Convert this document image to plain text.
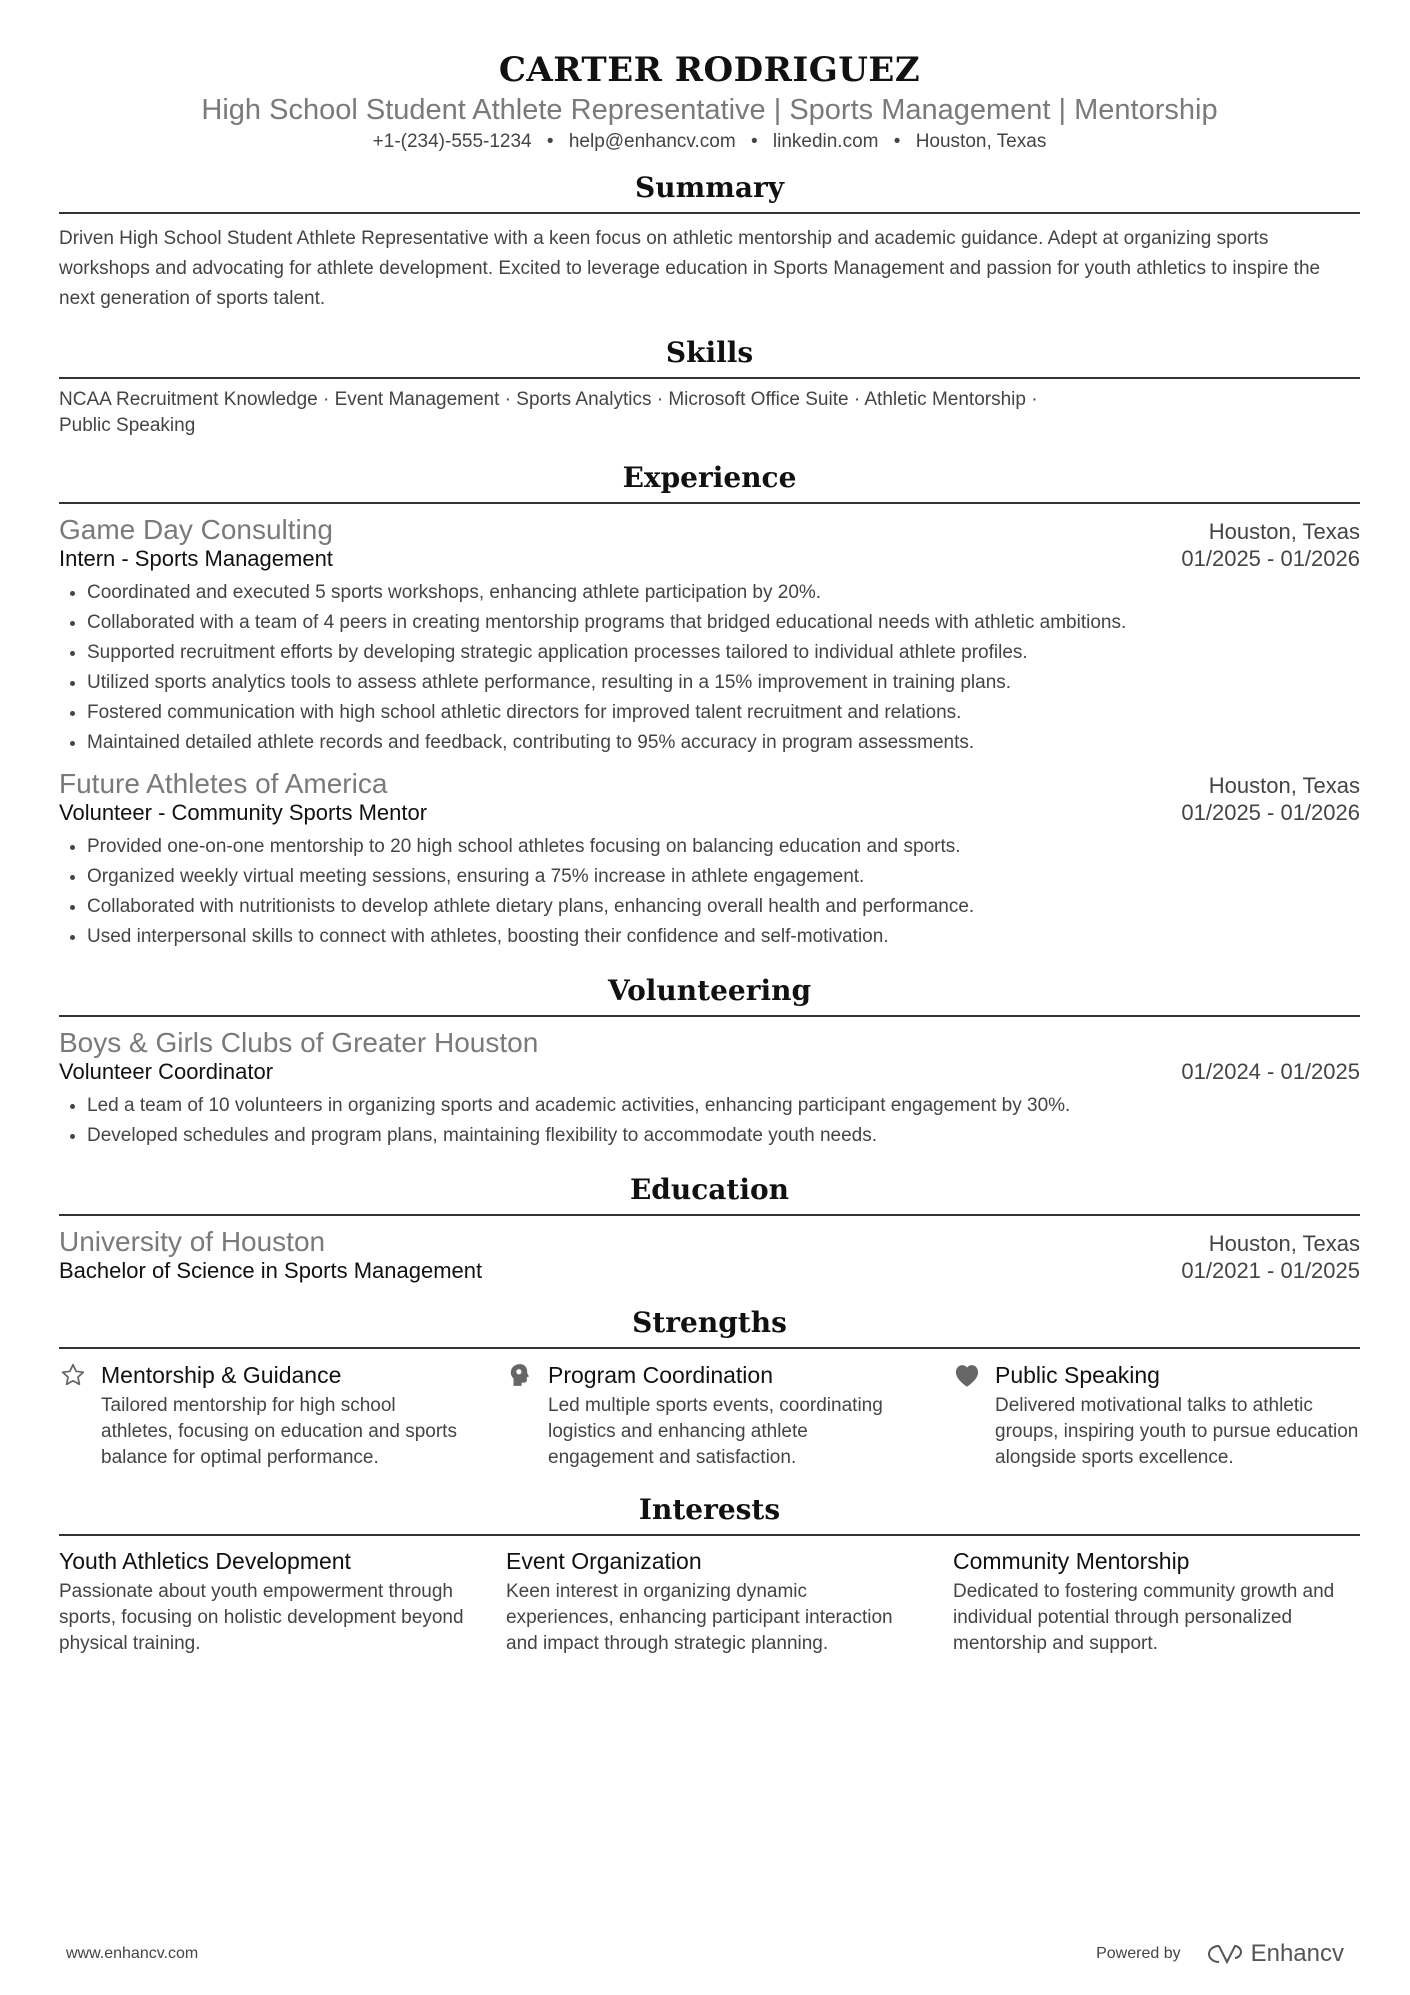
CARTER RODRIGUEZ
High School Student Athlete Representative | Sports Management | Mentorship
+1-(234)-555-1234 • help@enhancv.com • linkedin.com • Houston, Texas
Summary
Driven High School Student Athlete Representative with a keen focus on athletic mentorship and academic guidance. Adept at organizing sports workshops and advocating for athlete development. Excited to leverage education in Sports Management and passion for youth athletics to inspire the next generation of sports talent.
Skills
NCAA Recruitment Knowledge · Event Management · Sports Analytics · Microsoft Office Suite · Athletic Mentorship ·
Public Speaking
Experience
Game Day Consulting	Houston, Texas
Intern - Sports Management	01/2025 - 01/2026
• Coordinated and executed 5 sports workshops, enhancing athlete participation by 20%.
• Collaborated with a team of 4 peers in creating mentorship programs that bridged educational needs with athletic ambitions.
• Supported recruitment efforts by developing strategic application processes tailored to individual athlete profiles.
• Utilized sports analytics tools to assess athlete performance, resulting in a 15% improvement in training plans.
• Fostered communication with high school athletic directors for improved talent recruitment and relations.
• Maintained detailed athlete records and feedback, contributing to 95% accuracy in program assessments.
Future Athletes of America	Houston, Texas
Volunteer - Community Sports Mentor	01/2025 - 01/2026
• Provided one-on-one mentorship to 20 high school athletes focusing on balancing education and sports.
• Organized weekly virtual meeting sessions, ensuring a 75% increase in athlete engagement.
• Collaborated with nutritionists to develop athlete dietary plans, enhancing overall health and performance.
• Used interpersonal skills to connect with athletes, boosting their confidence and self-motivation.
Volunteering
Boys & Girls Clubs of Greater Houston
Volunteer Coordinator	01/2024 - 01/2025
• Led a team of 10 volunteers in organizing sports and academic activities, enhancing participant engagement by 30%.
• Developed schedules and program plans, maintaining flexibility to accommodate youth needs.
Education
University of Houston	Houston, Texas
Bachelor of Science in Sports Management	01/2021 - 01/2025
Strengths
Mentorship & Guidance
Tailored mentorship for high school athletes, focusing on education and sports balance for optimal performance.
Program Coordination
Led multiple sports events, coordinating logistics and enhancing athlete engagement and satisfaction.
Public Speaking
Delivered motivational talks to athletic groups, inspiring youth to pursue education alongside sports excellence.
Interests
Youth Athletics Development
Passionate about youth empowerment through sports, focusing on holistic development beyond physical training.
Event Organization
Keen interest in organizing dynamic experiences, enhancing participant interaction and impact through strategic planning.
Community Mentorship
Dedicated to fostering community growth and individual potential through personalized mentorship and support.
www.enhancv.com	Powered by	Enhancv
